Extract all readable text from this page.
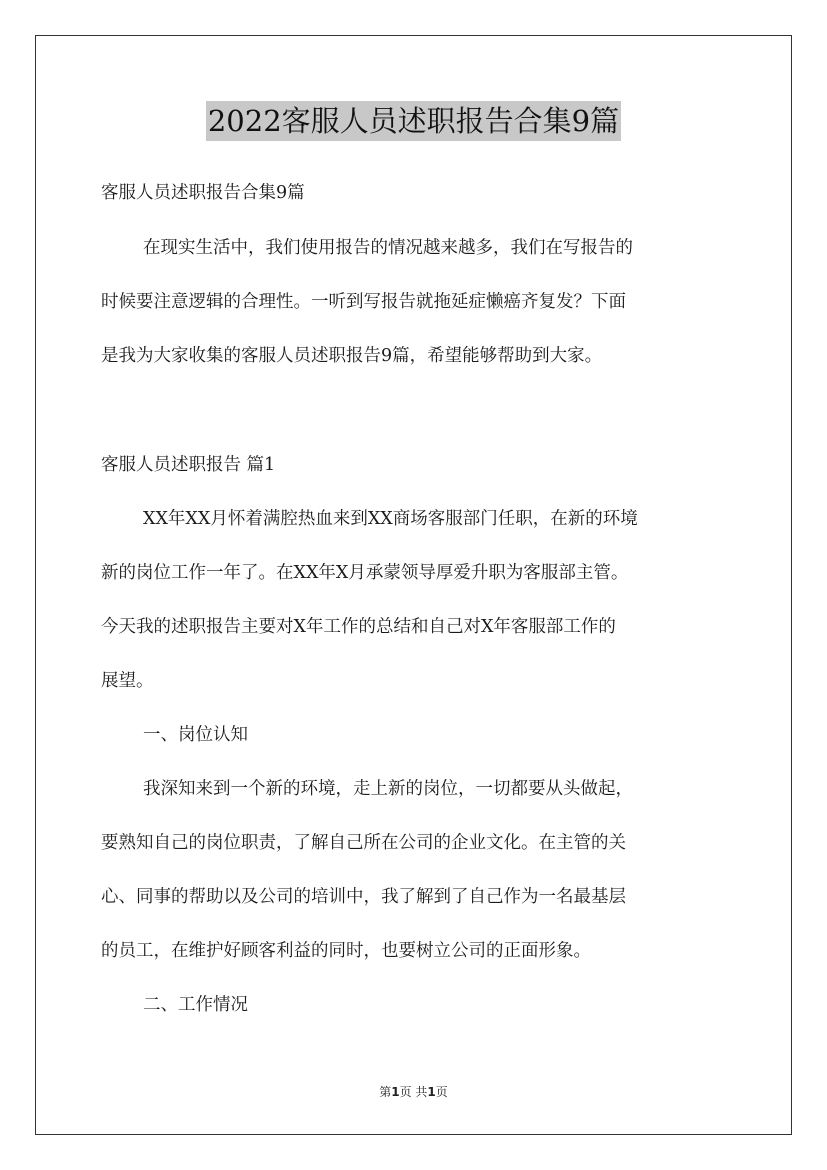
2022客服人员述职报告合集9篇
客服人员述职报告合集9篇
在现实生活中，我们使用报告的情况越来越多，我们在写报告的
时候要注意逻辑的合理性。一听到写报告就拖延症懒癌齐复发？下面
是我为大家收集的客服人员述职报告9篇，希望能够帮助到大家。
客服人员述职报告 篇1
XX年XX月怀着满腔热血来到XX商场客服部门任职，在新的环境
新的岗位工作一年了。在XX年X月承蒙领导厚爱升职为客服部主管。
今天我的述职报告主要对X年工作的总结和自己对X年客服部工作的
展望。
一、岗位认知
我深知来到一个新的环境，走上新的岗位，一切都要从头做起，
要熟知自己的岗位职责，了解自己所在公司的企业文化。在主管的关
心、同事的帮助以及公司的培训中，我了解到了自己作为一名最基层
的员工，在维护好顾客利益的同时，也要树立公司的正面形象。
二、工作情况
第1页 共1页
